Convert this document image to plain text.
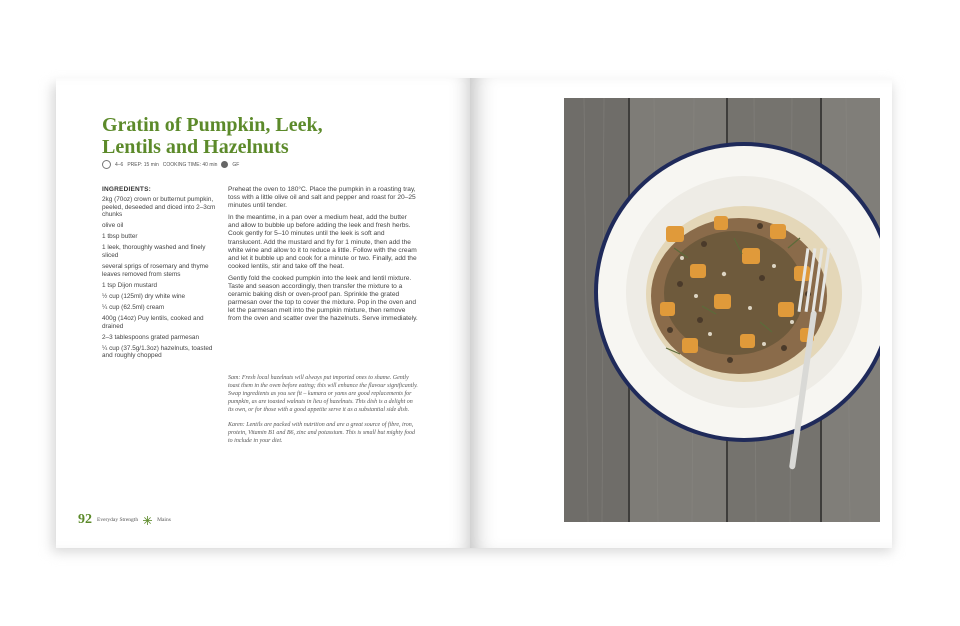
Gratin of Pumpkin, Leek, Lentils and Hazelnuts
4–6 PREP: 15 min COOKING TIME: 40 min	GF
INGREDIENTS:
2kg (70oz) crown or butternut pumpkin, peeled, deseeded and diced into 2–3cm chunks
olive oil
1 tbsp butter
1 leek, thoroughly washed and finely sliced
several sprigs of rosemary and thyme leaves removed from stems
1 tsp Dijon mustard
½ cup (125ml) dry white wine
¼ cup (62.5ml) cream
400g (14oz) Puy lentils, cooked and drained
2–3 tablespoons grated parmesan
¼ cup (37.5g/1.3oz) hazelnuts, toasted and roughly chopped

Preheat the oven to 180°C. Place the pumpkin in a roasting tray, toss with a little olive oil and salt and pepper and roast for 20–25 minutes until tender.

In the meantime, in a pan over a medium heat, add the butter and allow to bubble up before adding the leek and fresh herbs. Cook gently for 5–10 minutes until the leek is soft and translucent. Add the mustard and fry for 1 minute, then add the white wine and allow to it to reduce a little. Follow with the cream and let it bubble up and cook for a minute or two. Finally, add the cooked lentils, stir and take off the heat.

Gently fold the cooked pumpkin into the leek and lentil mixture. Taste and season accordingly, then transfer the mixture to a ceramic baking dish or oven-proof pan. Sprinkle the grated parmesan over the top to cover the mixture. Pop in the oven and let the parmesan melt into the pumpkin mixture, then remove from the oven and scatter over the hazelnuts. Serve immediately.

Sam: Fresh local hazelnuts will always put imported ones to shame. Gently toast them in the oven before eating; this will enhance the flavour significantly. Swap ingredients as you see fit – kumara or yams are good replacements for pumpkin, as are toasted walnuts in lieu of hazelnuts. This dish is a delight on its own, or for those with a good appetite serve it as a substantial side dish.

Karen: Lentils are packed with nutrition and are a great source of fibre, iron, protein, Vitamin B1 and B6, zinc and potassium. This is small but mighty food to include in your diet.

92 Everyday Strength	Mains
